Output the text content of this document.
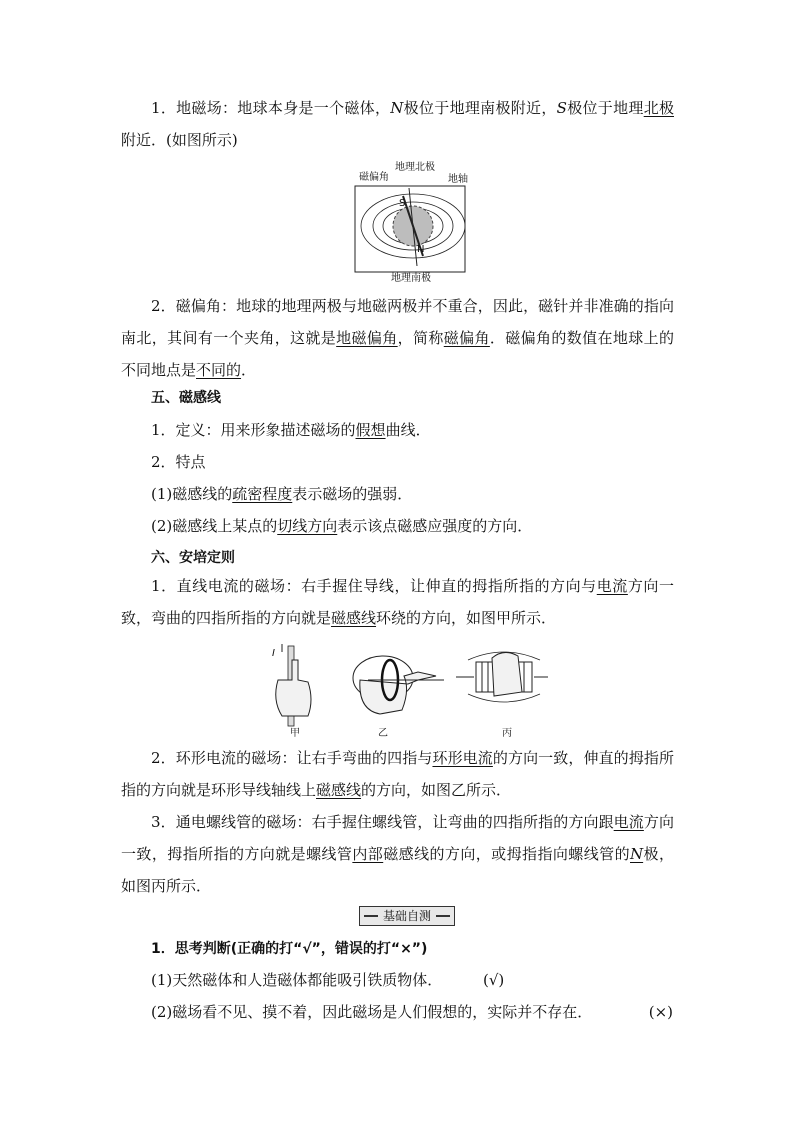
1．地磁场：地球本身是一个磁体，N极位于地理南极附近，S极位于地理北极附近．(如图所示)

地理北极
磁偏角	地轴
S
N
地理南极

2．磁偏角：地球的地理两极与地磁两极并不重合，因此，磁针并非准确的指向南北，其间有一个夹角，这就是地磁偏角，简称磁偏角．磁偏角的数值在地球上的不同地点是不同的．

五、磁感线
1．定义：用来形象描述磁场的假想曲线．
2．特点
(1)磁感线的疏密程度表示磁场的强弱．
(2)磁感线上某点的切线方向表示该点磁感应强度的方向．
六、安培定则

1．直线电流的磁场：右手握住导线，让伸直的拇指所指的方向与电流方向一致，弯曲的四指所指的方向就是磁感线环绕的方向，如图甲所示．

I
甲	乙	丙

2．环形电流的磁场：让右手弯曲的四指与环形电流的方向一致，伸直的拇指所指的方向就是环形导线轴线上磁感线的方向，如图乙所示．

3．通电螺线管的磁场：右手握住螺线管，让弯曲的四指所指的方向跟电流方向一致，拇指所指的方向就是螺线管内部磁感线的方向，或拇指指向螺线管的N极，如图丙所示．

基础自测
1．思考判断(正确的打“√”，错误的打“×”)
(1)天然磁体和人造磁体都能吸引铁质物体．	(√)
(2)磁场看不见、摸不着，因此磁场是人们假想的，实际并不存在．	(×)
